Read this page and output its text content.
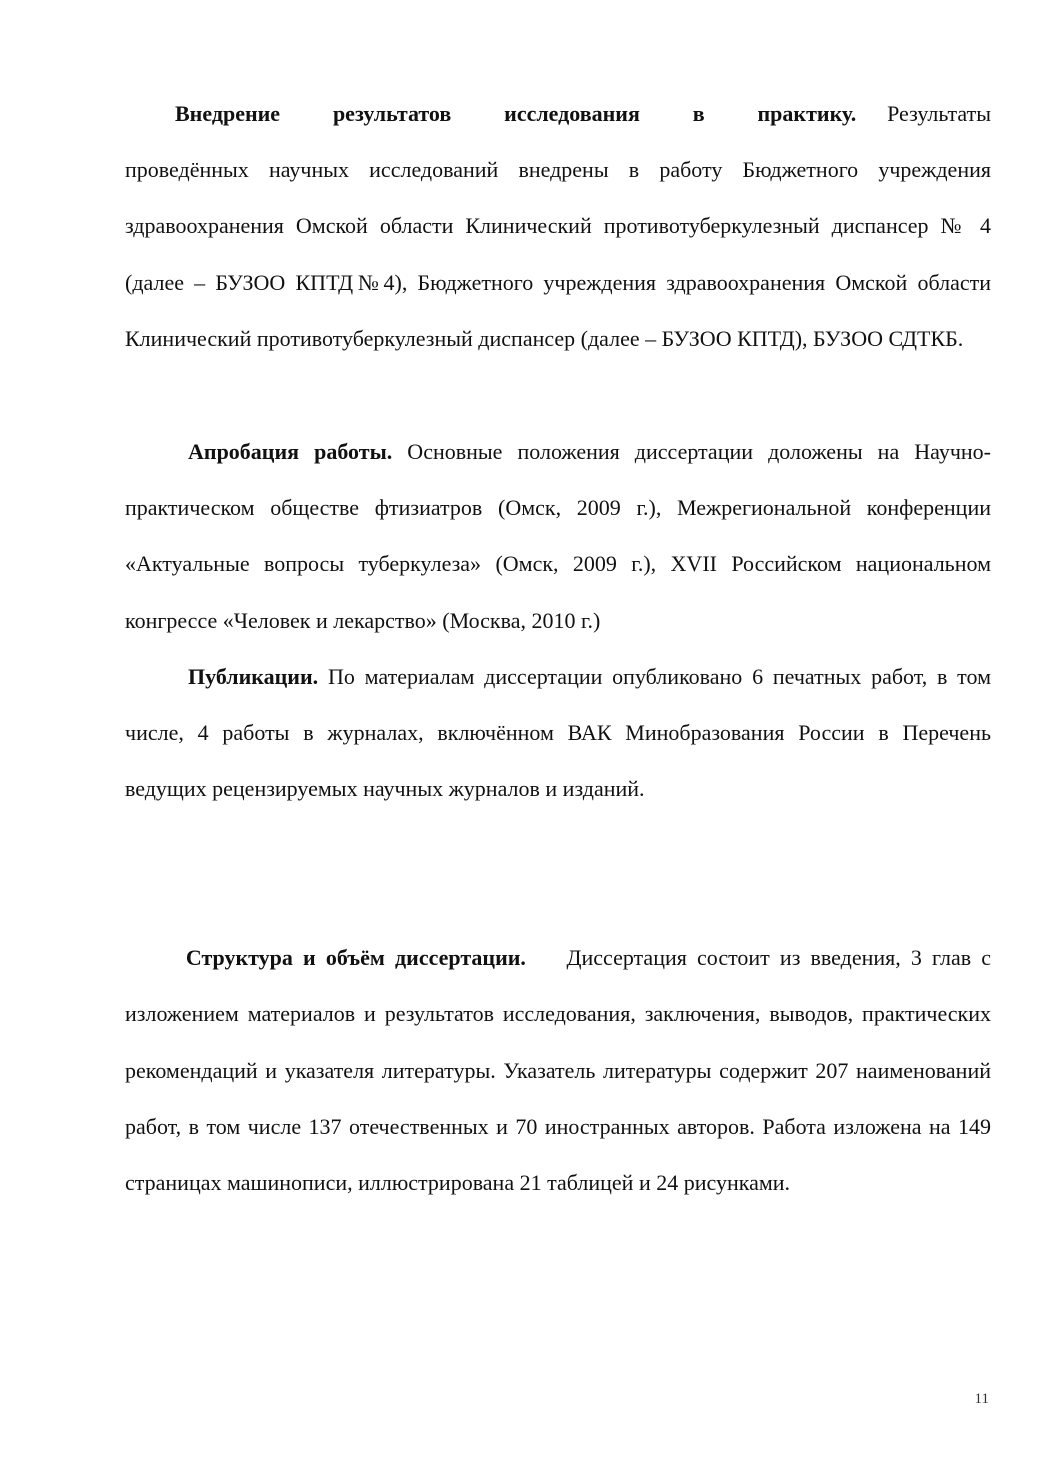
Внедрение результатов исследования в практику. Результаты проведённых научных исследований внедрены в работу Бюджетного учреждения здравоохранения Омской области Клинический противотуберкулезный диспансер № 4 (далее – БУЗОО КПТД№4), Бюджетного учреждения здравоохранения Омской области Клинический противотуберкулезный диспансер (далее – БУЗОО КПТД), БУЗОО СДТКБ.

Апробация работы. Основные положения диссертации доложены на Научно-практическом обществе фтизиатров (Омск, 2009 г.), Межрегиональной конференции «Актуальные вопросы туберкулеза» (Омск, 2009 г.), XVII Российском национальном конгрессе «Человек и лекарство» (Москва, 2010 г.)

Публикации. По материалам диссертации опубликовано 6 печатных работ, в том числе, 4 работы в журналах, включённом ВАК Минобразования России в Перечень ведущих рецензируемых научных журналов и изданий.

Структура и объём диссертации.    Диссертация состоит из введения, 3 глав с изложением материалов и результатов исследования, заключения, выводов, практических рекомендаций и указателя литературы. Указатель литературы содержит 207 наименований работ, в том числе 137 отечественных и 70 иностранных авторов. Работа изложена на 149 страницах машинописи, иллюстрирована 21 таблицей и 24 рисунками.

11
